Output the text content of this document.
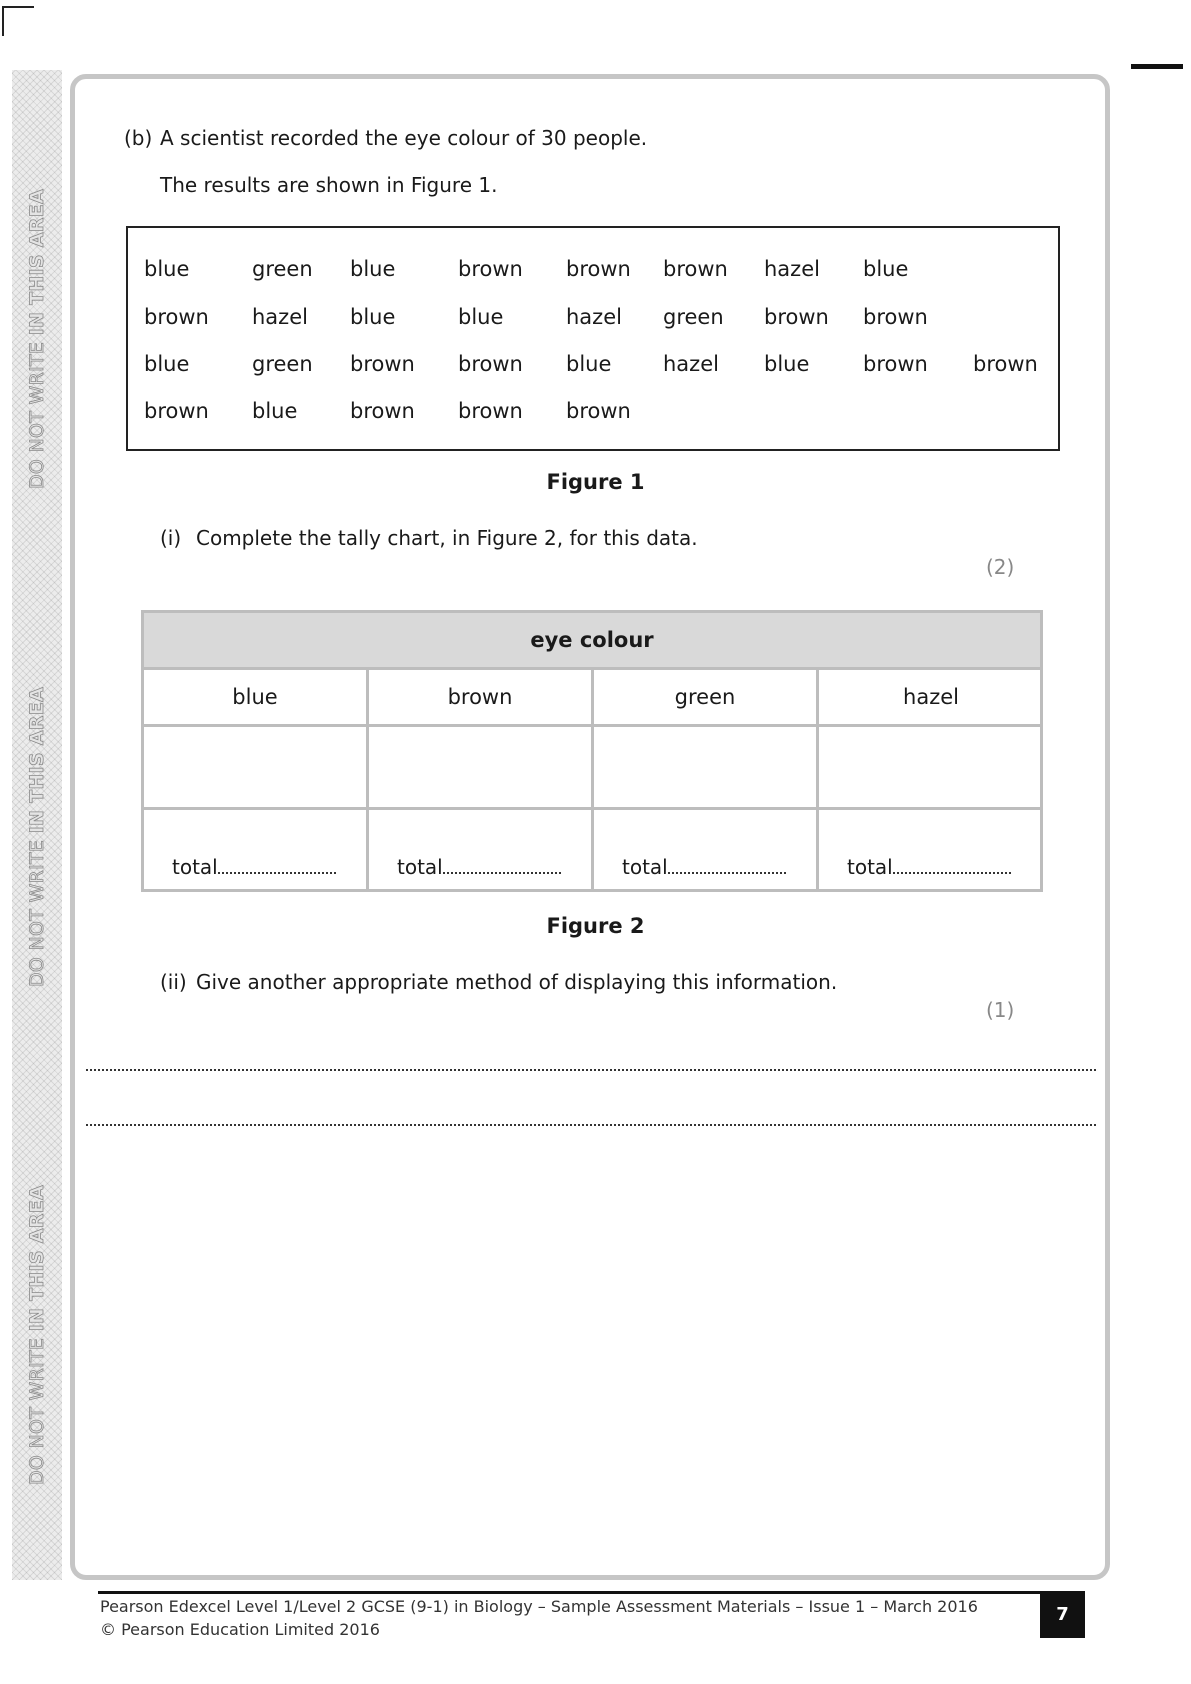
DO NOT WRITE IN THIS AREA
DO NOT WRITE IN THIS AREA
DO NOT WRITE IN THIS AREA
(b) A scientist recorded the eye colour of 30 people.
The results are shown in Figure 1.
blue	green blue	brown brown brown hazel blue
brown hazel blue	blue	hazel green brown brown
blue	green brown brown blue hazel blue	brown brown
brown blue	brown brown brown
Figure 1
(i) Complete the tally chart, in Figure 2, for this data.
(2)
eye colour
blue	brown	green	hazel
total	total	total	total
Figure 2
(ii) Give another appropriate method of displaying this information.
(1)
Pearson Edexcel Level 1/Level 2 GCSE (9-1) in Biology – Sample Assessment Materials – Issue 1 – March 2016
© Pearson Education Limited 2016
7
